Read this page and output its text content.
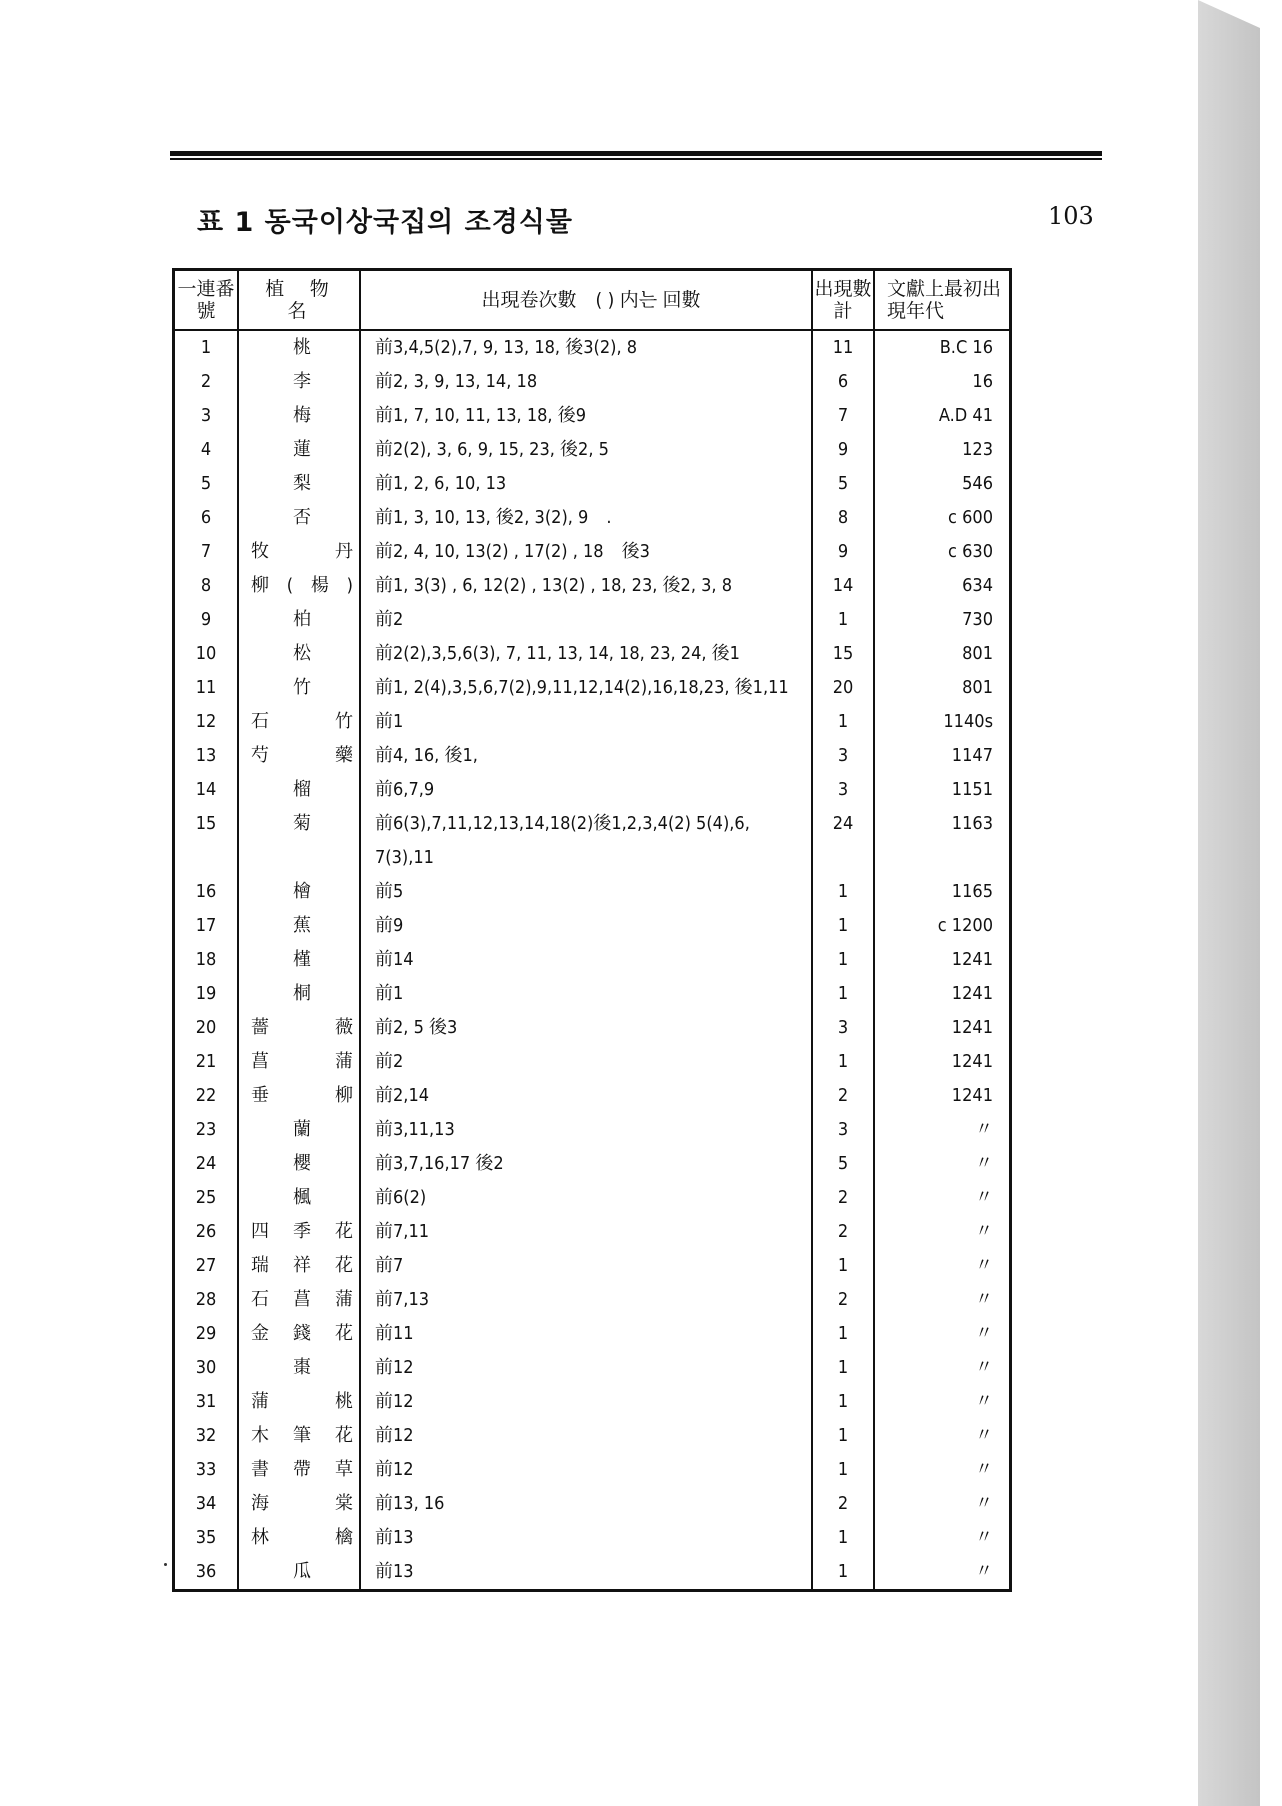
표 1 동국이상국집의 조경식물	103
一連番號	植 物 名	出現卷次數　( ) 内는 回數	出現數計	文獻上最初出現年代
1	桃	前3,4,5(2),7, 9, 13, 18, 後3(2), 8	11	B.C 16
2	李	前2, 3, 9, 13, 14, 18	6	16
3	梅	前1, 7, 10, 11, 13, 18, 後9	7	A.D 41
4	蓮	前2(2), 3, 6, 9, 15, 23, 後2, 5	9	123
5	梨	前1, 2, 6, 10, 13	5	546
6	否	前1, 3, 10, 13, 後2, 3(2), 9　.	8	c 600
7	牧丹	前2, 4, 10, 13(2) , 17(2) , 18　後3	9	c 630
8	柳(楊)	前1, 3(3) , 6, 12(2) , 13(2) , 18, 23, 後2, 3, 8	14	634
9	柏	前2	1	730
10	松	前2(2),3,5,6(3), 7, 11, 13, 14, 18, 23, 24, 後1	15	801
11	竹	前1, 2(4),3,5,6,7(2),9,11,12,14(2),16,18,23, 後1,11	20	801
12	石竹	前1	1	1140s
13	芍藥	前4, 16, 後1,	3	1147
14	榴	前6,7,9	3	1151
15	菊	前6(3),7,11,12,13,14,18(2)後1,2,3,4(2) 5(4),6, 7(3),11	24	1163
16	檜	前5	1	1165
17	蕉	前9	1	c 1200
18	槿	前14	1	1241
19	桐	前1	1	1241
20	薔薇	前2, 5 後3	3	1241
21	菖蒲	前2	1	1241
22	垂柳	前2,14	2	1241
23	蘭	前3,11,13	3	〃
24	櫻	前3,7,16,17 後2	5	〃
25	楓	前6(2)	2	〃
26	四季花	前7,11	2	〃
27	瑞祥花	前7	1	〃
28	石菖蒲	前7,13	2	〃
29	金錢花	前11	1	〃
30	棗	前12	1	〃
31	蒲桃	前12	1	〃
32	木筆花	前12	1	〃
33	書帶草	前12	1	〃
34	海棠	前13, 16	2	〃
35	林檎	前13	1	〃
36	瓜	前13	1	〃
